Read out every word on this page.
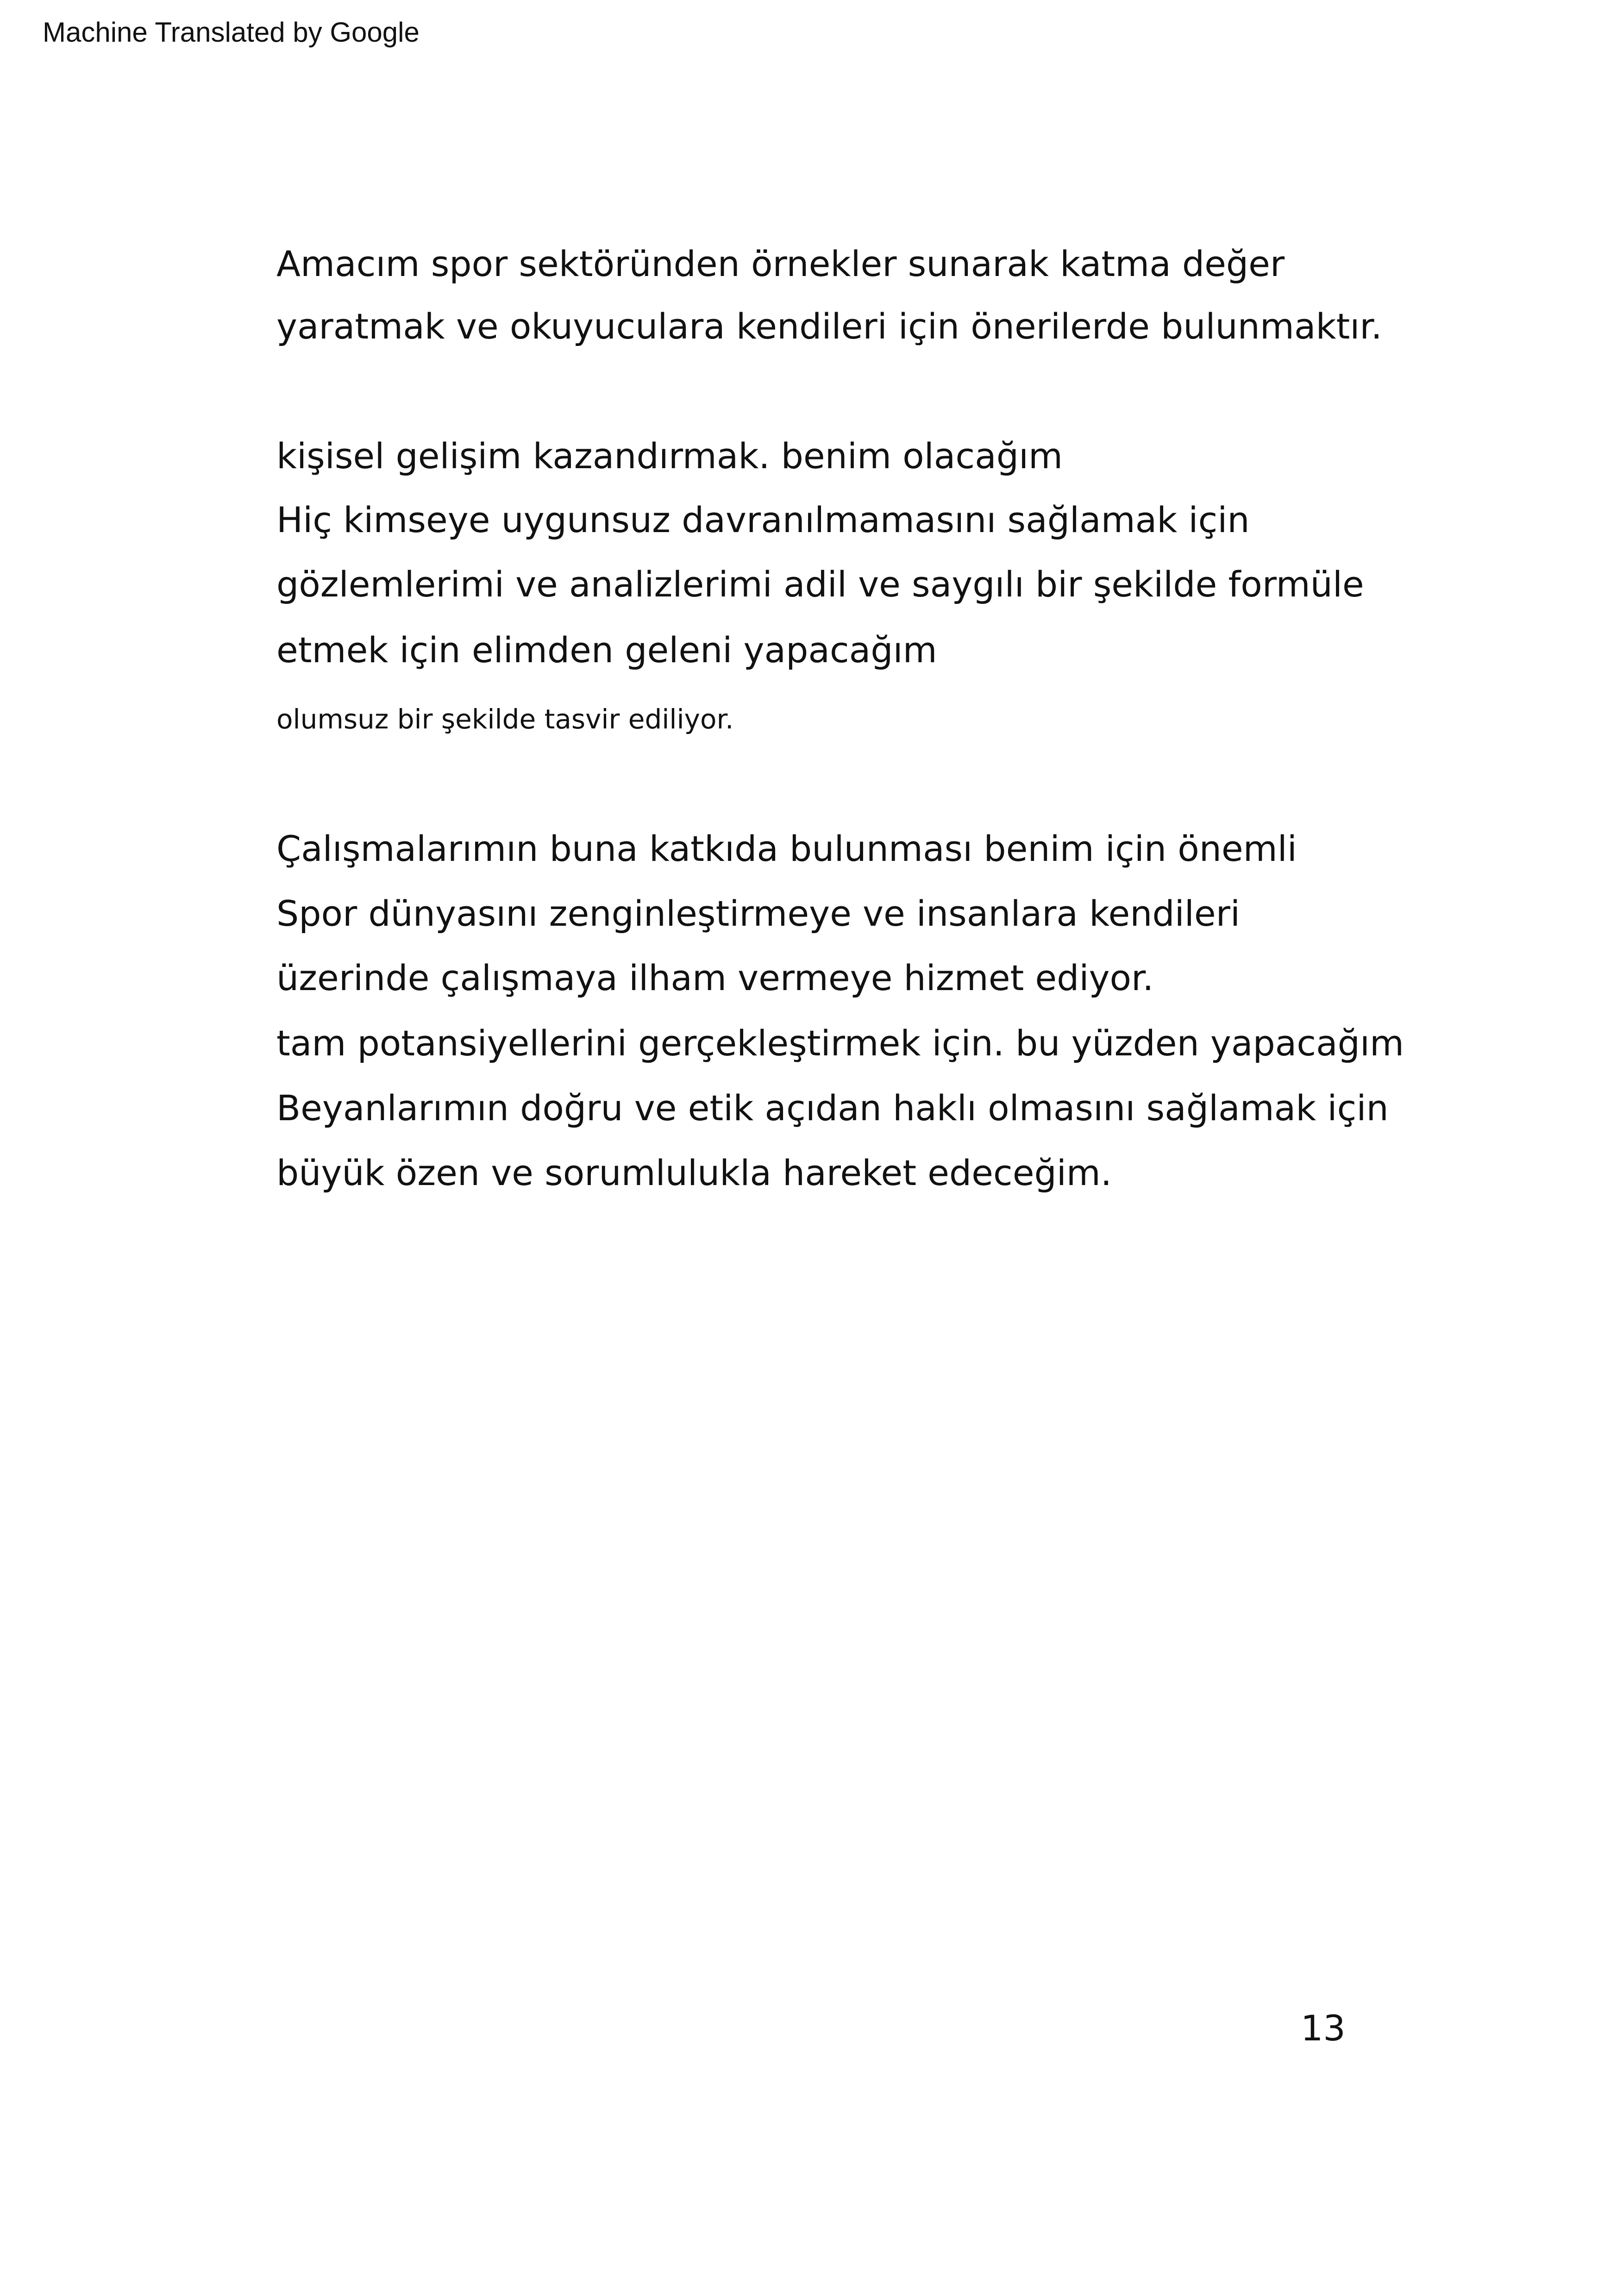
Machine Translated by Google
Amacım spor sektöründen örnekler sunarak katma değer
yaratmak ve okuyuculara kendileri için önerilerde bulunmaktır.
kişisel gelişim kazandırmak. benim olacağım
Hiç kimseye uygunsuz davranılmamasını sağlamak için
gözlemlerimi ve analizlerimi adil ve saygılı bir şekilde formüle
etmek için elimden geleni yapacağım
olumsuz bir şekilde tasvir ediliyor.
Çalışmalarımın buna katkıda bulunması benim için önemli
Spor dünyasını zenginleştirmeye ve insanlara kendileri
üzerinde çalışmaya ilham vermeye hizmet ediyor.
tam potansiyellerini gerçekleştirmek için. bu yüzden yapacağım
Beyanlarımın doğru ve etik açıdan haklı olmasını sağlamak için
büyük özen ve sorumlulukla hareket edeceğim.
13
